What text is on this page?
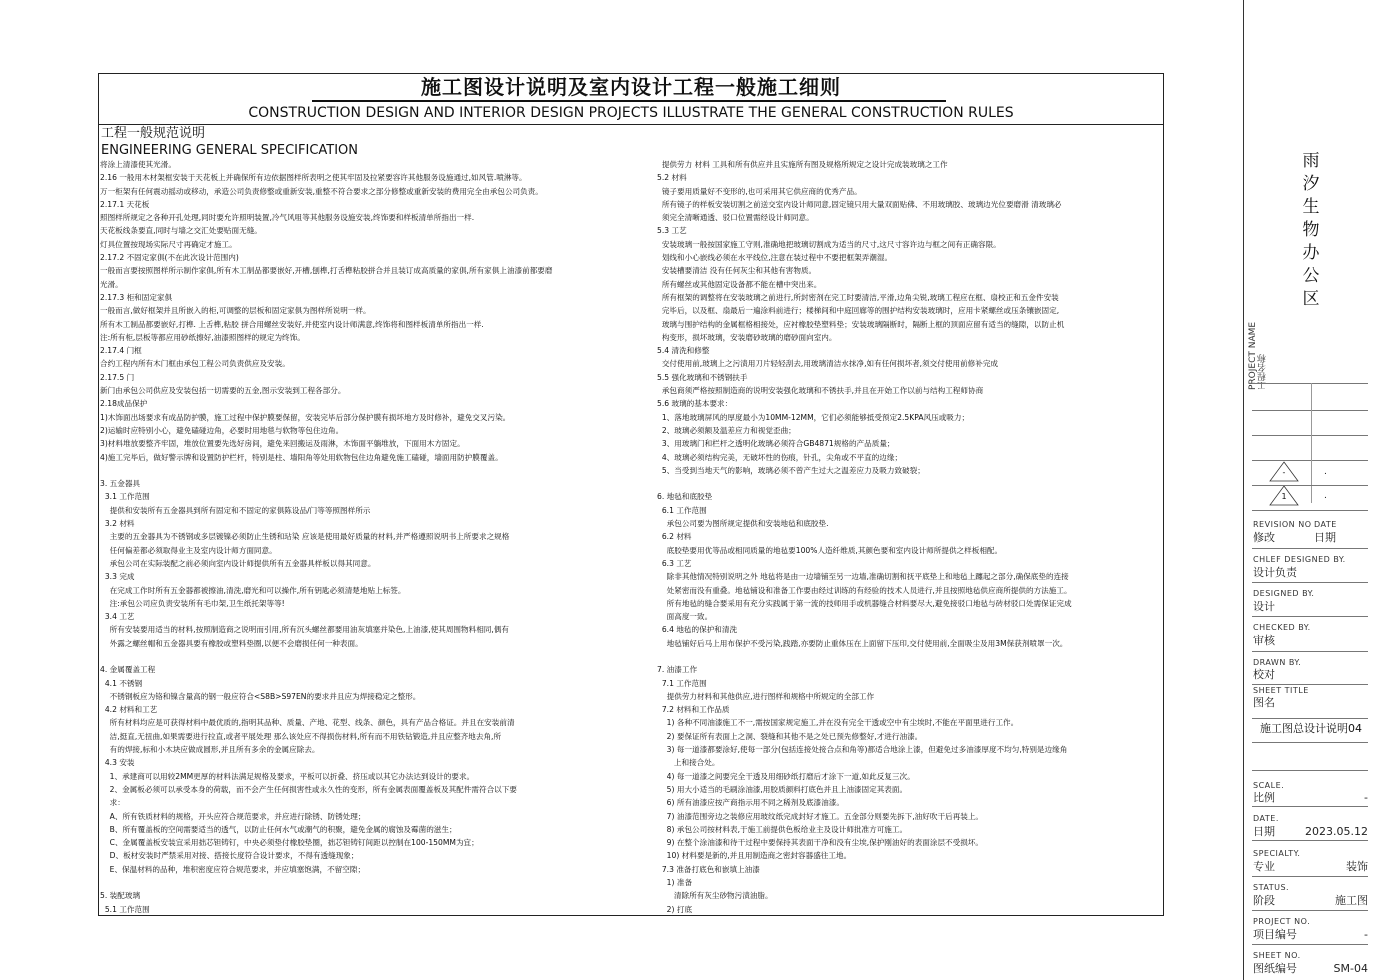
施工图设计说明及室内设计工程一般施工细则
CONSTRUCTION DESIGN AND INTERIOR DESIGN PROJECTS ILLUSTRATE THE GENERAL CONSTRUCTION RULES
工程一般规范说明
ENGINEERING GENERAL SPECIFICATION
将涂上清漆使其光滑。
2.16 一般用木材架框安装于天花板上并确保所有边依据图样所表明之使其牢固及拉紧要容许其他服务设施通过,如风管.喷淋等。
万一柜架有任何震动摇动或移动，承造公司负责修整或重新安装,重整不符合要求之部分修整或重新安装的费用完全由承包公司负责。
2.17.1 天花板
照图样所规定之各种开孔处理,同时要允许照明装置,冷气风咀等其他服务设施安装,终饰要和样板清单所指出一样.
天花板线条要直,同时与墙之交汇处要贴面无缝。
灯具位置按现场实际尺寸再确定才施工。
2.17.2 不固定家俱(不在此次设计范围内)
一般而言要按照图样所示制作家俱,所有木工制品都要嵌好,开槽,刨榫,打舌榫粘胶拼合并且装订成高质量的家俱,所有家俱上油漆前都要磨
光滑。
2.17.3 柜和固定家俱
一般而言,做好框架并且所嵌入的柜,可调整的层板和固定家俱为图样所说明一样。
所有木工制品都要嵌好,打榫. 上舌榫,粘胶 拼合用螺丝安装好,并使室内设计师满意,终饰将和图样板清单所指出一样.
注:所有柜,层板等都应用砂纸擦好,油漆照图样的规定为终饰。
2.17.4 门框
合约工程内所有木门框由承包工程公司负责供应及安装。
2.17.5 门
新门由承包公司供应及安装包括一切需要的五金,图示安装到工程各部分。
2.18成品保护
1)木饰面出场要求有成品防护膜，施工过程中保护膜要保留，安装完毕后部分保护膜有损坏地方及时修补，避免交叉污染。
2)运输时应特别小心，避免磕碰边角，必要时用地毯与软物等包住边角。
3)材料堆放要整齐牢固，堆放位置要先选好房间，避免来回搬运及雨淋，木饰面平躺堆放，下面用木方固定。
4)施工完毕后，做好警示牌和设置防护栏杆，特别是柱、墙阳角等处用软物包住边角避免施工磕碰，墙面用防护膜覆盖。
3. 五金器具
3.1 工作范围
提供和安装所有五金器具到所有固定和不固定的家俱陈设品/门等等照图样所示
3.2 材料
主要的五金器具为不锈钢或多层镀镍必须防止生锈和玷染 应该是使用最好质量的材料,并严格遵照说明书上所要求之规格
任何偏差都必须取得业主及室内设计师方面同意。
承包公司在实际装配之前必须向室内设计师提供所有五金器具样板以得其同意。
3.3 完成
在完成工作时所有五金器都被擦油,清洗,磨光和可以操作,所有钥匙必须清楚地贴上标签。
注:承包公司应负责安装所有毛巾架,卫生纸托架等等!
3.4 工艺
所有安装要用适当的材料,按照制造商之说明而引用,所有沉头螺丝都要用油灰填塞并染色,上油漆,使其周围物料相同,偶有
外露之螺丝帽和五金器具要有橡胶或塑料垫圈,以便不会磨损任何一种表面。
4. 金属覆盖工程
4.1 不锈钢
不锈钢板应为铬和镍含量高的钢一般应符合<S8B>S97EN的要求并且应为焊接稳定之整形。
4.2 材料和工艺
所有材料均应是可获得材料中最优质的,指明其品种、质量、产地、花型、线条、颜色，具有产品合格证。并且在安装前清
洁,挺直,无扭曲,如果需要进行拉直,或者平展处理 那么该处应不得损伤材料,所有而不用铁钻锻造,并且应整齐地去角,所
有的焊接,标和小木块应做成圆形,并且所有多余的金属应除去。
4.3 安装
1、承建商可以用较2MM更厚的材料法满足规格及要求，平板可以折叠、挤压或以其它办法达到设计的要求。
2、金属板必须可以承受本身的荷载，而不会产生任何损害性或永久性的变形，所有金属表面覆盖板及其配件需符合以下要
求：
A、所有铁质材料的规格，开头应符合规范要求，并应进行除锈、防锈处理；
B、所有覆盖板的空间需要适当的透气，以防止任何水气或潮气的积聚，避免金属的腐蚀及霉菌的滋生；
C、金属覆盖板安装宜采用拙芯钽铸钉，中央必须垫付橡胶垫圈，拙芯钽铸钉间距以控制在100-150MM为宜；
D、板材安装时严禁采用对接、搭接长度符合设计要求，不得有透缝现象；
E、保温材料的品种，堆积密度应符合规范要求，并应填塞饱满，不留空隙；
5. 装配玻璃
5.1 工作范围
提供劳力 材料 工具和所有供应并且实施所有图及规格所规定之设计完成装玻璃之工作
5.2 材料
镜子要用质量好不变形的,也可采用其它供应商的优秀产品。
所有镜子的样板安装切割之前送交室内设计师同意,固定镜只用大量双面贴佛、不用玻璃胶、玻璃边光位要磨滑 清玻璃必
须完全清晰通透、驳口位置需经设计师同意。
5.3 工艺
安装玻璃一般按国家施工守则,准确地把玻璃切割成为适当的尺寸,这尺寸容许边与框之间有正确容限。
划线和小心嵌线必须在水平线位,注意在装过程中不要把框架弄潮湿。
安装槽要清洁 没有任何灰尘和其他有害物质。
所有螺丝或其他固定设备都不能在槽中突出来。
所有框架的调整将在安装玻璃之前进行,所封密剂在完工时要清洁,平滑,边角尖锐,玻璃工程应在框、扇校正和五金件安装
完毕后，以及框、扇最后一遍涂料前进行；楼梯间和中庭回廊等的围护结构安装玻璃时，应用卡紧螺丝或压条镶嵌固定,
玻璃与围护结构的金属框格相接处，应衬橡胶垫塑料垫；安装玻璃隔断时，隔断上框的顶面应留有适当的缝隙，以防止机
构变形，损坏玻璃，安装磨砂玻璃的磨砂面向室内。
5.4 清洗和修整
交付使用前,玻璃上之污渍用刀片轻轻刮去,用玻璃清洁水抹净,如有任何损坏者,须交付使用前修补完成
5.5 强化玻璃和不锈钢扶手
承包商须严格按照制造商的说明安装强化玻璃和不锈扶手,并且在开始工作以前与结构工程师协商
5.6 玻璃的基本要求：
1、落地玻璃屏风的厚度最小为10MM-12MM，它们必须能够抵受预定2.5KPA风压或吸力；
2、玻璃必须额及温差应力和视觉歪曲；
3、用玻璃门和栏杆之透明化玻璃必须符合GB4871规格的产品质量；
4、玻璃必须结构完美，无破坏性的伤痕，针孔，尖角或不平直的边缘；
5、当受到当地天气的影响，玻璃必须不曾产生过大之温差应力及吸力致破裂；
6. 地毡和底胶垫
6.1 工作范围
承包公司要为图所规定提供和安装地毡和底胶垫.
6.2 材料
底胶垫要用优等品或相同质量的地毡要100%人造纤维质,其颜色要和室内设计师所提供之样板相配。
6.3 工艺
除非其他情况特别说明之外 地毡将是由一边墙铺至另一边墙,准确切割和抚平底垫上和地毡上躔起之部分,确保底垫的连接
处紧密而没有重叠。地毡铺设和准备工作要由经过训练的有经验的技术人员进行,并且按照地毡供应商所提供的方法施工。
所有地毡的缝合要采用有充分实践属于第一流的技师用手或机器缝合材料要尽大,避免接驳口地毡与砖材驳口处需保证完成
面高度一致。
6.4 地毡的保护和清洗
地毡铺好后马上用布保护不受污染,践踏,亦要防止重体压在上面留下压印,交付使用前,全面吸尘及用3M保获剂喷罩一次。
7. 油漆工作
7.1 工作范围
提供劳力材料和其他供应,进行图样和规格中所规定的全部工作
7.2 材料和工作品质
1) 各种不同油漆施工不一,需按国家规定施工,并在没有完全干透或空中有尘埃时,不能在平面里进行工作。
2) 要保证所有表面上之洞、裂缝和其他不是之处已预先修整好,才进行油漆。
3) 每一道漆都要涂好,使每一部分(包括连接处接合点和角等)都适合地涂上漆，但避免过多油漆厚度不均匀,特别是边缘角
上和接合处。
4) 每一道漆之间要完全干透及用细砂纸打磨后才涂下一道,如此反复三次。
5) 用大小适当的毛刷涂油漆,用胶质颜料打底色并且上油漆固定其表面。
6) 所有油漆应按产商指示用不同之稀剂及底漆油漆。
7) 油漆范围旁边之装修应用玻纹纸完成封好才施工。五金部分则要先拆下,油好吹干后再装上。
8) 承包公司按材料表,于施工前提供色板给业主及设计师批准方可施工。
9) 在整个涂油漆和待干过程中要保持其表面干净和没有尘埃,保护刚油好的表面涂层不受损坏。
10) 材料要是新的,并且用制造商之密封容器盛往工地。
7.3 准备打底色和嵌填上油漆
1) 准备
清除所有灰尘砂物污渍油脂。
2) 打底
雨汐生物办公区
PROJECT NAME 工程名称
-
1
.
.
REVISION NO DATE
修改	日期
CHLEF DESIGNED BY.
设计负责
DESIGNED BY.
设计
CHECKED BY.
审核
DRAWN BY.
校对
SHEET TITLE
图名
施工图总设计说明04
SCALE.
比例	-
DATE.
日期	2023.05.12
SPECIALTY.
专业	装饰
STATUS.
阶段	施工图
PROJECT NO.
项目编号	-
SHEET NO.
图纸编号	SM-04
